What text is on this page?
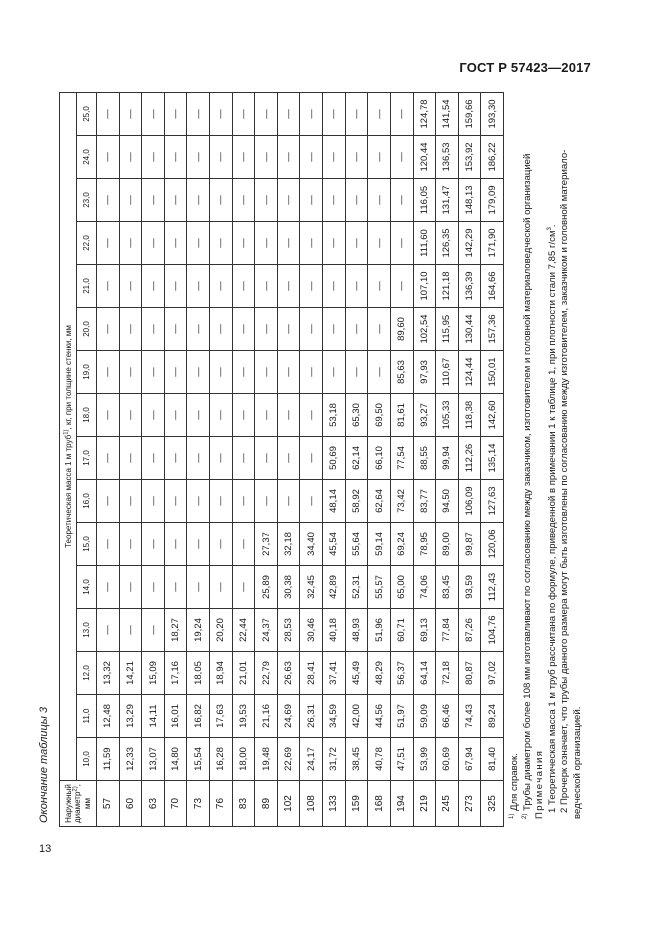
ГОСТ Р 57423—2017
Окончание таблицы 3 Наружный
диаметр$^{2)}$,
мм	Теоретическая масса 1 м труб$^{1)}$, кг, при толщине стенки, мм															
	10,0	11,0	12,0	13,0	14,0	15,0	16,0	17,0	18,0	19,0	20,0	21,0	22,0	23,0	24,0	25,0
57	11,59	12,48	13,32	—	—	—	—	—	—	—	—	—	—	—	—	—
60	12,33	13,29	14,21	—	—	—	—	—	—	—	—	—	—	—	—	—
63	13,07	14,11	15,09	—	—	—	—	—	—	—	—	—	—	—	—	—
70	14,80	16,01	17,16	18,27	—	—	—	—	—	—	—	—	—	—	—	—
73	15,54	16,82	18,05	19,24	—	—	—	—	—	—	—	—	—	—	—	—
76	16,28	17,63	18,94	20,20	—	—	—	—	—	—	—	—	—	—	—	—
83	18,00	19,53	21,01	22,44	—	—	—	—	—	—	—	—	—	—	—	—
89	19,48	21,16	22,79	24,37	25,89	27,37	—	—	—	—	—	—	—	—	—	—
102	22,69	24,69	26,63	28,53	30,38	32,18	—	—	—	—	—	—	—	—	—	—
108	24,17	26,31	28,41	30,46	32,45	34,40	—	—	—	—	—	—	—	—	—	—
133	31,72	34,59	37,41	40,18	42,89	45,54	48,14	50,69	53,18	—	—	—	—	—	—	—
159	38,45	42,00	45,49	48,93	52,31	55,64	58,92	62,14	65,30	—	—	—	—	—	—	—
168	40,78	44,56	48,29	51,96	55,57	59,14	62,64	66,10	69,50	—	—	—	—	—	—	—
194	47,51	51,97	56,37	60,71	65,00	69,24	73,42	77,54	81,61	85,63	89,60	—	—	—	—	—
219	53,99	59,09	64,14	69,13	74,06	78,95	83,77	88,55	93,27	97,93	102,54	107,10	111,60	116,05	120,44	124,78
245	60,69	66,46	72,18	77,84	83,45	89,00	94,50	99,94	105,33	110,67	115,95	121,18	126,35	131,47	136,53	141,54
273	67,94	74,43	80,87	87,26	93,59	99,87	106,09	112,26	118,38	124,44	130,44	136,39	142,29	148,13	153,92	159,66
325	81,40	89,24	97,02	104,76	112,43	120,06	127,63	135,14	142,60	150,01	157,36	164,66	171,90	179,09	186,22	193,30

$^{1)}$ Для справок.

$^{2)}$ Трубы диаметром более 108 мм изготавливают по согласованию между заказчиком, изготовителем и головной материаловедческой организацией Примечания 1 Теоретическая масса 1 м труб рассчитана по формуле, приведенной в примечании 1 к таблице 1, при плотности стали 7,85 $г/см^3$. 2 Прочерк означает, что трубы данного размера могут быть изготовлены по согласованию между изготовителем, заказчиком и головной материало- ведческой организацией.

13
